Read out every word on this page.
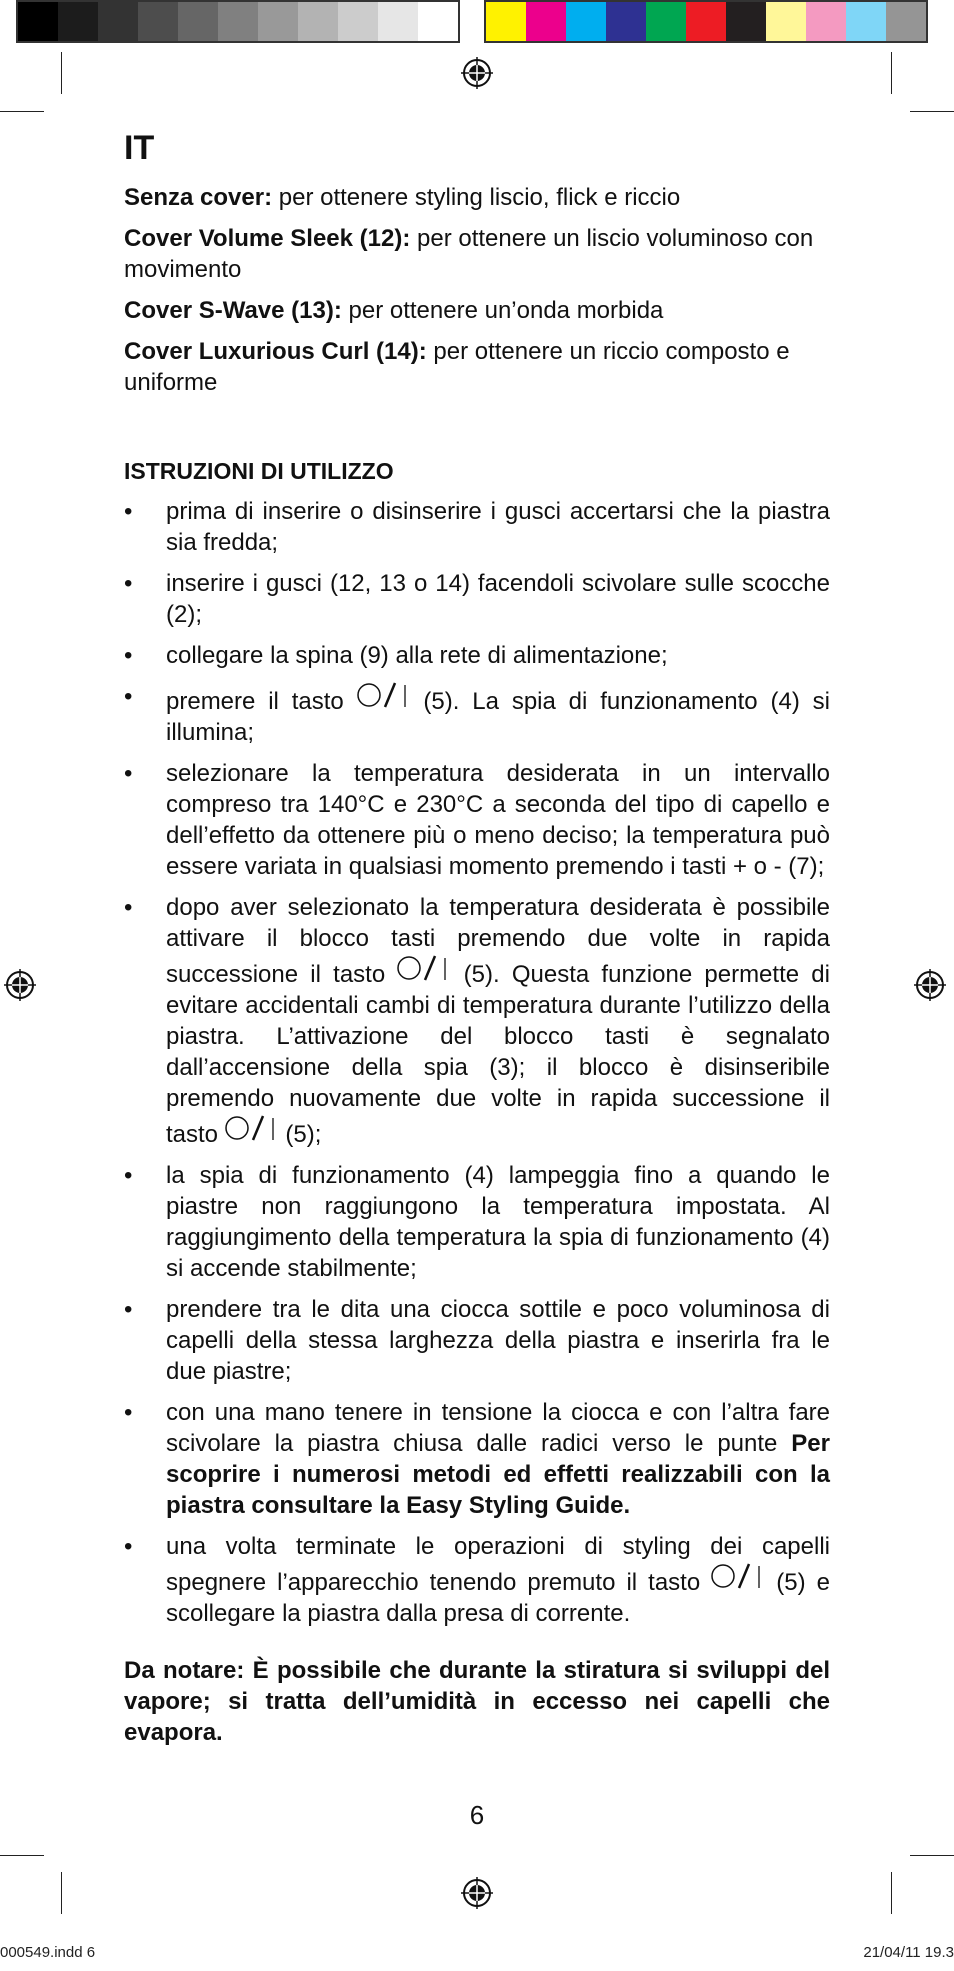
IT

Senza cover: per ottenere styling liscio, flick e riccio

Cover Volume Sleek (12): per ottenere un liscio voluminoso con movimento

Cover S-Wave (13): per ottenere un’onda morbida

Cover Luxurious Curl (14): per ottenere un riccio composto e uniforme

ISTRUZIONI DI UTILIZZO
• prima di inserire o disinserire i gusci accertarsi che la piastra sia fredda;
• inserire i gusci (12, 13 o 14) facendoli scivolare sulle scocche (2);
• collegare la spina (9) alla rete di alimentazione;
• premere il tasto  (5). La spia di funzionamento (4) si illumina;
• selezionare la temperatura desiderata in un intervallo compreso tra 140°C e 230°C a seconda del tipo di capello e dell’effetto da ottenere più o meno deciso; la temperatura può essere variata in qualsiasi momento premendo i tasti + o - (7);
• dopo aver selezionato la temperatura desiderata è possibile attivare il blocco tasti premendo due volte in rapida successione il tasto  (5). Questa funzione permette di evitare accidentali cambi di temperatura durante l’utilizzo della piastra. L’attivazione del blocco tasti è segnalato dall’accensione della spia (3); il blocco è disinseribile premendo nuovamente due volte in rapida successione il tasto  (5);
• la spia di funzionamento (4) lampeggia fino a quando le piastre non raggiungono la temperatura impostata. Al raggiungimento della temperatura la spia di funzionamento (4) si accende stabilmente;
• prendere tra le dita una ciocca sottile e poco voluminosa di capelli della stessa larghezza della piastra e inserirla fra le due piastre;
• con una mano tenere in tensione la ciocca e con l’altra fare scivolare la piastra chiusa dalle radici verso le punte Per scoprire i numerosi metodi ed effetti realizzabili con la piastra consultare la Easy Styling Guide.
• una volta terminate le operazioni di styling dei capelli spegnere l’apparecchio tenendo premuto il tasto  (5) e scollegare la piastra dalla presa di corrente.

Da notare: È possibile che durante la stiratura si sviluppi del vapore; si tratta dell’umidità in eccesso nei capelli che evapora.

6
000549.indd 6	21/04/11 19.3
